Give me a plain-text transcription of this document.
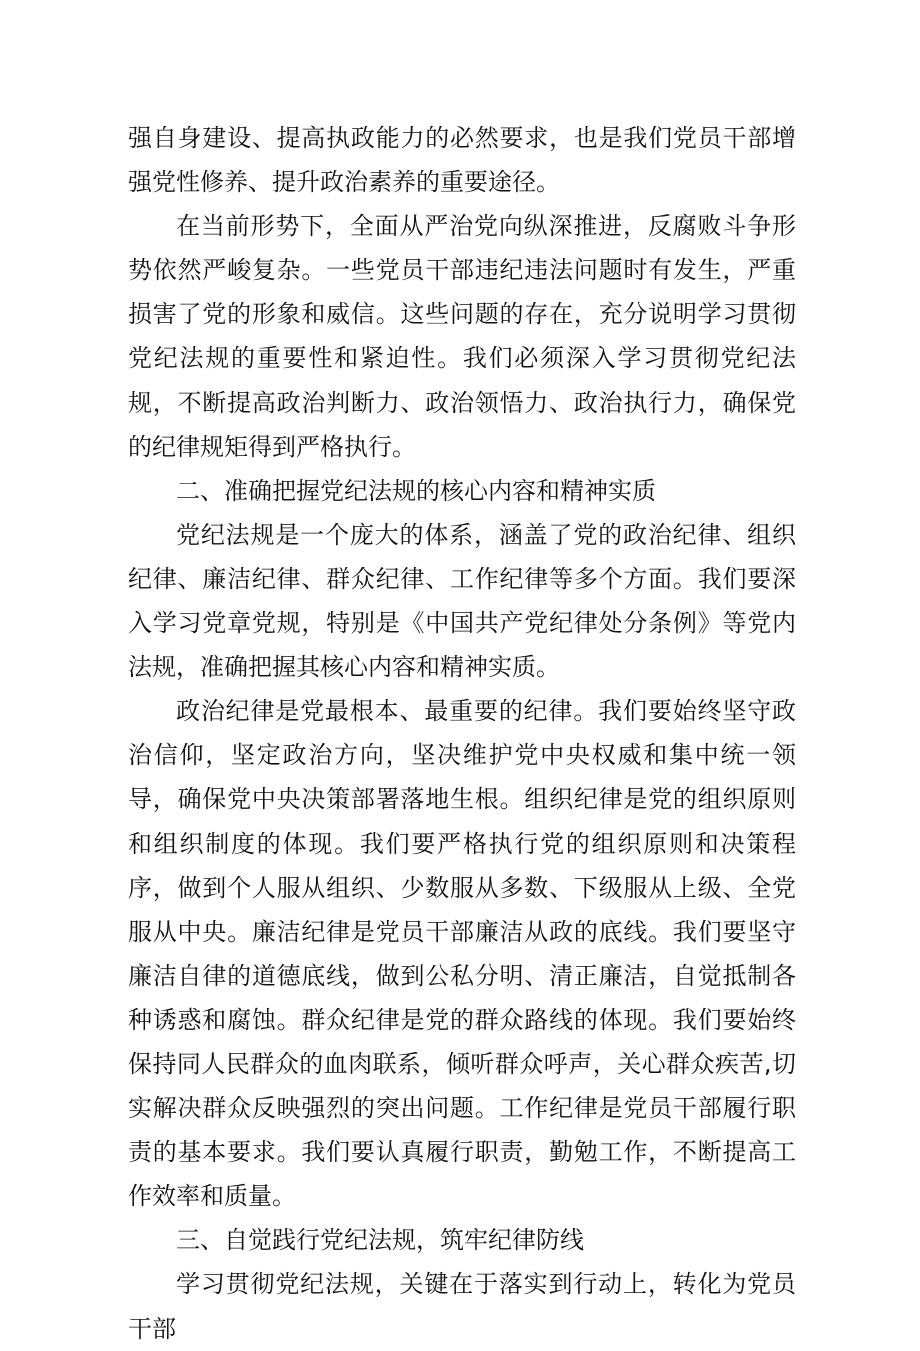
强自身建设、提高执政能力的必然要求，也是我们党员干部增强党性修养、提升政治素养的重要途径。

在当前形势下，全面从严治党向纵深推进，反腐败斗争形势依然严峻复杂。一些党员干部违纪违法问题时有发生，严重损害了党的形象和威信。这些问题的存在，充分说明学习贯彻党纪法规的重要性和紧迫性。我们必须深入学习贯彻党纪法规，不断提高政治判断力、政治领悟力、政治执行力，确保党的纪律规矩得到严格执行。

二、准确把握党纪法规的核心内容和精神实质

党纪法规是一个庞大的体系，涵盖了党的政治纪律、组织纪律、廉洁纪律、群众纪律、工作纪律等多个方面。我们要深入学习党章党规，特别是《中国共产党纪律处分条例》等党内法规，准确把握其核心内容和精神实质。

政治纪律是党最根本、最重要的纪律。我们要始终坚守政治信仰，坚定政治方向，坚决维护党中央权威和集中统一领导，确保党中央决策部署落地生根。组织纪律是党的组织原则和组织制度的体现。我们要严格执行党的组织原则和决策程序，做到个人服从组织、少数服从多数、下级服从上级、全党服从中央。廉洁纪律是党员干部廉洁从政的底线。我们要坚守廉洁自律的道德底线，做到公私分明、清正廉洁，自觉抵制各种诱惑和腐蚀。群众纪律是党的群众路线的体现。我们要始终保持同人民群众的血肉联系，倾听群众呼声，关心群众疾苦,切实解决群众反映强烈的突出问题。工作纪律是党员干部履行职责的基本要求。我们要认真履行职责，勤勉工作，不断提高工作效率和质量。

三、自觉践行党纪法规，筑牢纪律防线

学习贯彻党纪法规，关键在于落实到行动上，转化为党员干部
